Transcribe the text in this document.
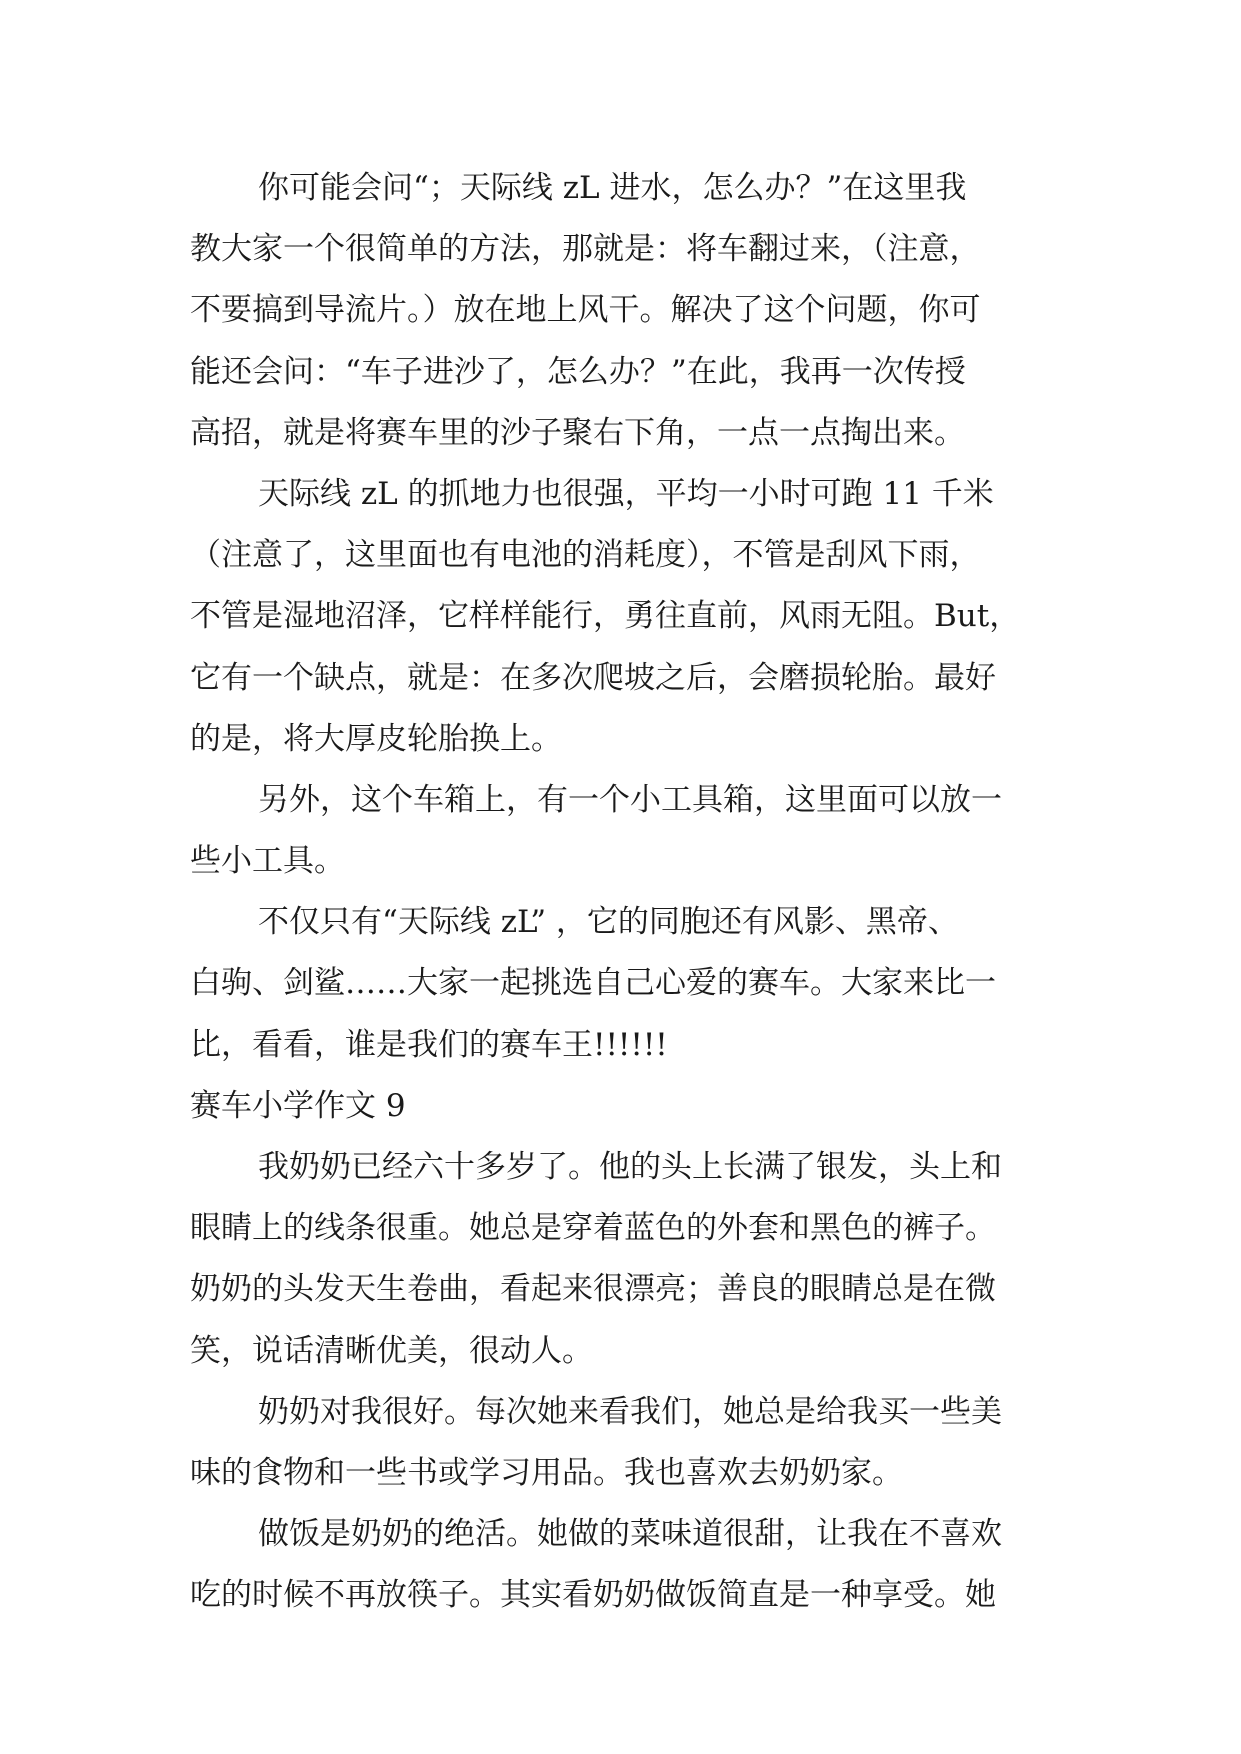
你可能会问“；天际线 zL 进水，怎么办？”在这里我
教大家一个很简单的方法，那就是：将车翻过来，（注意，
不要搞到导流片。）放在地上风干。解决了这个问题，你可
能还会问：“车子进沙了，怎么办？”在此，我再一次传授
高招，就是将赛车里的沙子聚右下角，一点一点掏出来。
天际线 zL 的抓地力也很强，平均一小时可跑 11 千米
（注意了，这里面也有电池的消耗度），不管是刮风下雨，
不管是湿地沼泽，它样样能行，勇往直前，风雨无阻。But，
它有一个缺点，就是：在多次爬坡之后，会磨损轮胎。最好
的是，将大厚皮轮胎换上。
另外，这个车箱上，有一个小工具箱，这里面可以放一
些小工具。
不仅只有“天际线 zL” ，它的同胞还有风影、黑帝、
白驹、剑鲨……大家一起挑选自己心爱的赛车。大家来比一
比，看看，谁是我们的赛车王!!!!!!
赛车小学作文 9
我奶奶已经六十多岁了。他的头上长满了银发，头上和
眼睛上的线条很重。她总是穿着蓝色的外套和黑色的裤子。
奶奶的头发天生卷曲，看起来很漂亮；善良的眼睛总是在微
笑，说话清晰优美，很动人。
奶奶对我很好。每次她来看我们，她总是给我买一些美
味的食物和一些书或学习用品。我也喜欢去奶奶家。
做饭是奶奶的绝活。她做的菜味道很甜，让我在不喜欢
吃的时候不再放筷子。其实看奶奶做饭简直是一种享受。她
